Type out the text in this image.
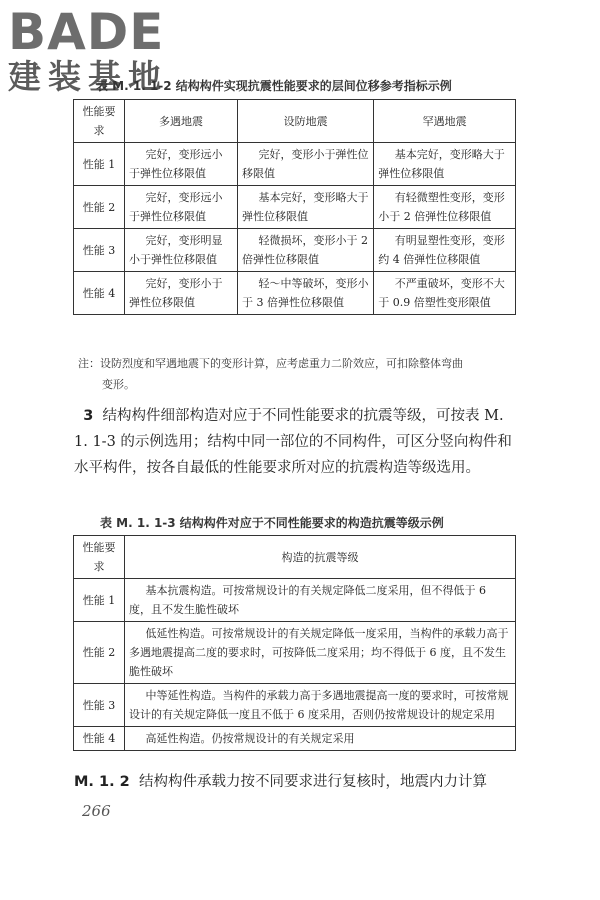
BADE
建装基地
表 M. 1. 1-2 结构构件实现抗震性能要求的层间位移参考指标示例
性能要求	多遇地震	设防地震	罕遇地震
性能 1	完好，变形远小于弹性位移限值	完好，变形小于弹性位移限值	基本完好，变形略大于弹性位移限值
性能 2	完好，变形远小于弹性位移限值	基本完好，变形略大于弹性位移限值	有轻微塑性变形，变形小于 2 倍弹性位移限值
性能 3	完好，变形明显小于弹性位移限值	轻微损坏，变形小于 2 倍弹性位移限值	有明显塑性变形，变形约 4 倍弹性位移限值
性能 4	完好，变形小于弹性位移限值	轻～中等破坏，变形小于 3 倍弹性位移限值	不严重破坏，变形不大于 0.9 倍塑性变形限值
注：设防烈度和罕遇地震下的变形计算，应考虑重力二阶效应，可扣除整体弯曲
变形。
3 结构构件细部构造对应于不同性能要求的抗震等级，可按表 M. 1. 1-3 的示例选用；结构中同一部位的不同构件，可区分竖向构件和水平构件，按各自最低的性能要求所对应的抗震构造等级选用。
表 M. 1. 1-3 结构构件对应于不同性能要求的构造抗震等级示例
性能要求	构造的抗震等级
性能 1	基本抗震构造。可按常规设计的有关规定降低二度采用，但不得低于 6 度，且不发生脆性破坏
性能 2	低延性构造。可按常规设计的有关规定降低一度采用，当构件的承载力高于多遇地震提高二度的要求时，可按降低二度采用；均不得低于 6 度，且不发生脆性破坏
性能 3	中等延性构造。当构件的承载力高于多遇地震提高一度的要求时，可按常规设计的有关规定降低一度且不低于 6 度采用，否则仍按常规设计的规定采用
性能 4	高延性构造。仍按常规设计的有关规定采用
M. 1. 2 结构构件承载力按不同要求进行复核时，地震内力计算
266
